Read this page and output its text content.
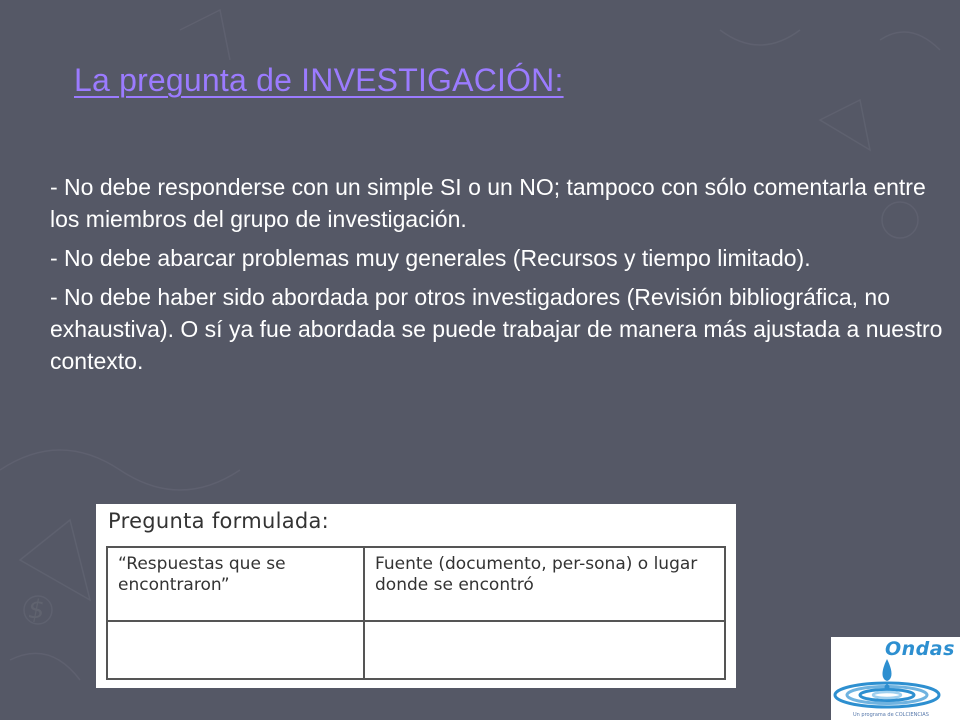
$
La pregunta de INVESTIGACIÓN:

- No debe responderse con un simple SI o un NO; tampoco con sólo comentarla entre los miembros del grupo de investigación.

- No debe abarcar problemas muy generales (Recursos y tiempo limitado).

- No debe haber sido abordada por otros investigadores (Revisión bibliográfica, no exhaustiva). O sí ya fue abordada se puede trabajar de manera más ajustada a nuestro contexto.

Pregunta formulada:
“Respuestas que se encontraron”	Fuente (documento, per-sona) o lugar donde se encontró

Ondas
Un programa de COLCIENCIAS
